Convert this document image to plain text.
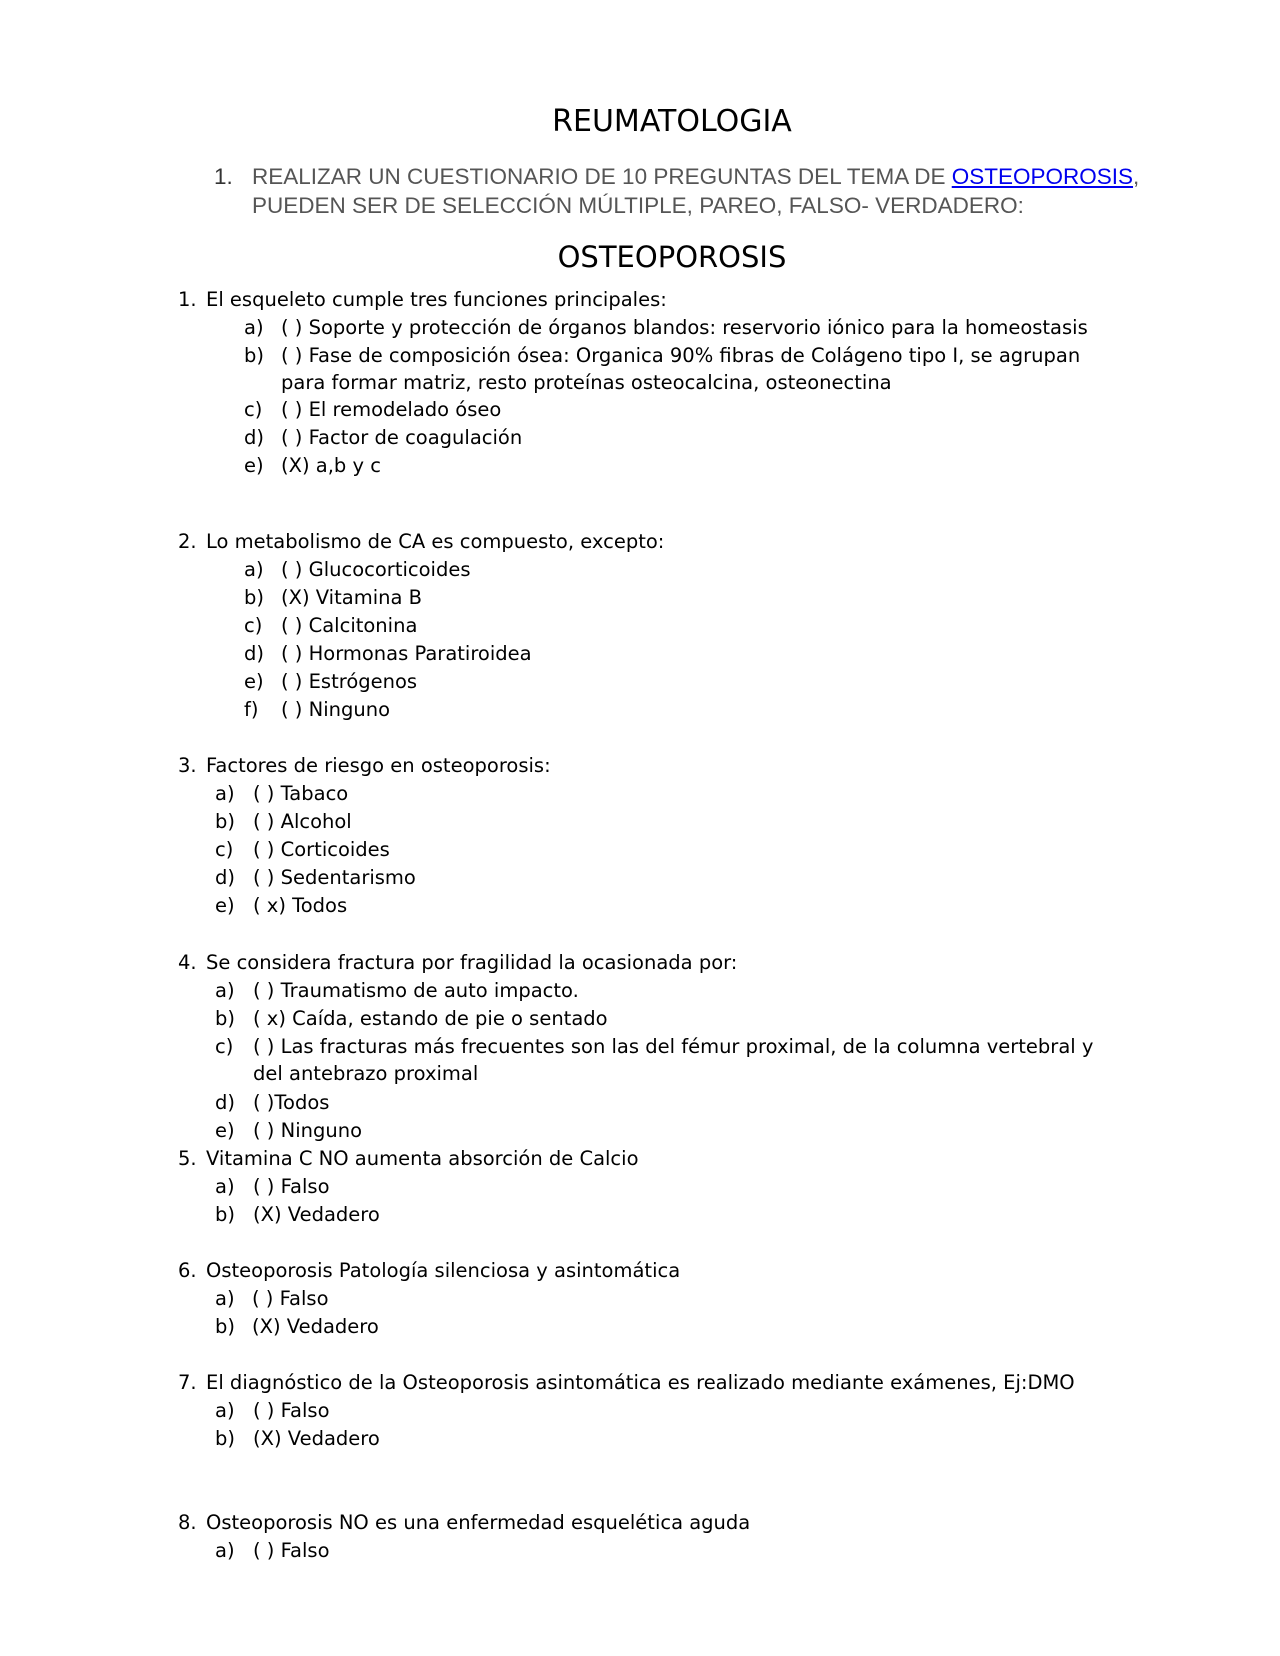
REUMATOLOGIA
1. REALIZAR UN CUESTIONARIO DE 10 PREGUNTAS DEL TEMA DE OSTEOPOROSIS, PUEDEN SER DE SELECCIÓN MÚLTIPLE, PAREO, FALSO- VERDADERO:
OSTEOPOROSIS
1. El esqueleto cumple tres funciones principales:
a) ( ) Soporte y protección de órganos blandos: reservorio iónico para la homeostasis
b) ( ) Fase de composición ósea: Organica 90% fibras de Colágeno tipo I, se agrupan para formar matriz, resto proteínas osteocalcina, osteonectina
c) ( ) El remodelado óseo
d) ( ) Factor de coagulación
e) (X) a,b y c
2. Lo metabolismo de CA es compuesto, excepto:
a) ( ) Glucocorticoides
b) (X) Vitamina B
c) ( ) Calcitonina
d) ( ) Hormonas Paratiroidea
e) ( ) Estrógenos
f) ( ) Ninguno
3. Factores de riesgo en osteoporosis:
a) ( ) Tabaco
b) ( ) Alcohol
c) ( ) Corticoides
d) ( ) Sedentarismo
e) ( x) Todos
4. Se considera fractura por fragilidad la ocasionada por:
a) ( ) Traumatismo de auto impacto.
b) ( x) Caída, estando de pie o sentado
c) ( ) Las fracturas más frecuentes son las del fémur proximal, de la columna vertebral y del antebrazo proximal
d) ( )Todos
e) ( ) Ninguno
5. Vitamina C NO aumenta absorción de Calcio
a) ( ) Falso
b) (X) Vedadero
6. Osteoporosis Patología silenciosa y asintomática
a) ( ) Falso
b) (X) Vedadero
7. El diagnóstico de la Osteoporosis asintomática es realizado mediante exámenes, Ej:DMO
a) ( ) Falso
b) (X) Vedadero
8. Osteoporosis NO es una enfermedad esquelética aguda
a) ( ) Falso
